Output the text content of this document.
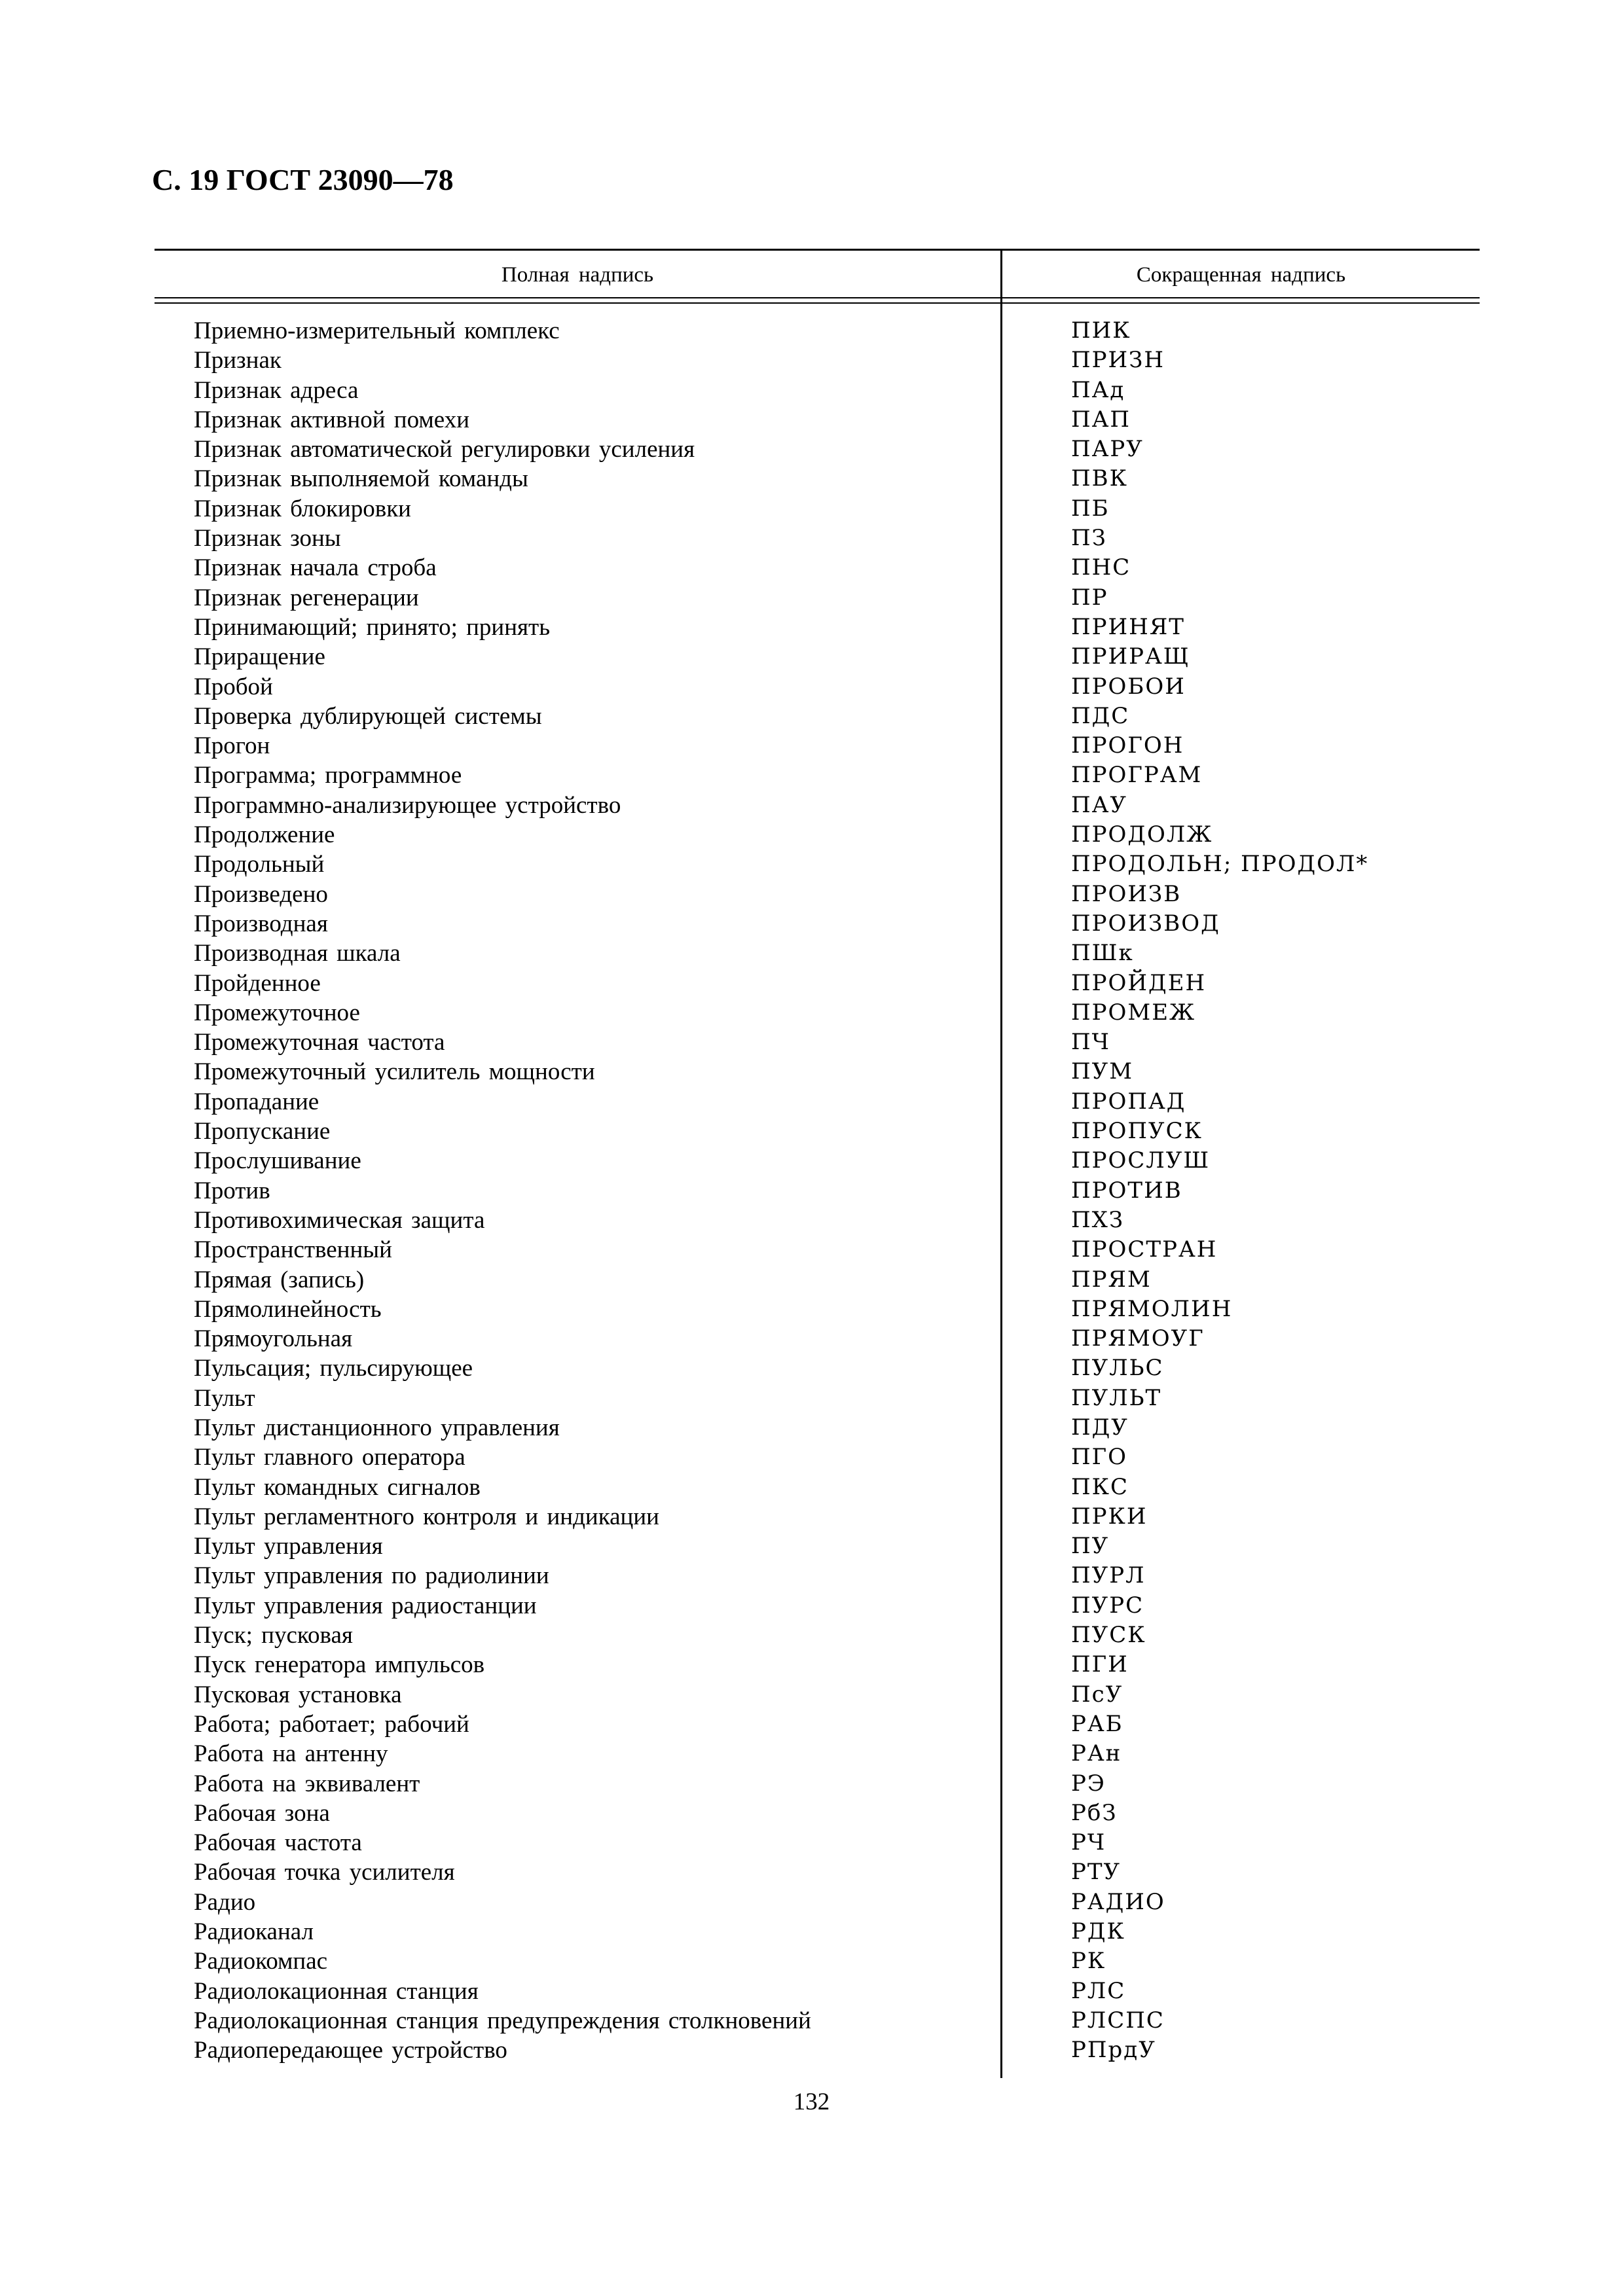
С. 19 ГОСТ 23090—78
Полная надпись	Сокращенная надпись
Приемно-измерительный комплекс	ПИК
Признак	ПРИЗН
Признак адреса	ПАд
Признак активной помехи	ПАП
Признак автоматической регулировки усиления	ПАРУ
Признак выполняемой команды	ПВК
Признак блокировки	ПБ
Признак зоны	ПЗ
Признак начала строба	ПНС
Признак регенерации	ПР
Принимающий; принято; принять	ПРИНЯТ
Приращение	ПРИРАЩ
Пробой	ПРОБОИ
Проверка дублирующей системы	ПДС
Прогон	ПРОГОН
Программа; программное	ПРОГРАМ
Программно-анализирующее устройство	ПАУ
Продолжение	ПРОДОЛЖ
Продольный	ПРОДОЛЬН; ПРОДОЛ*
Произведено	ПРОИЗВ
Производная	ПРОИЗВОД
Производная шкала	ПШк
Пройденное	ПРОЙДЕН
Промежуточное	ПРОМЕЖ
Промежуточная частота	ПЧ
Промежуточный усилитель мощности	ПУМ
Пропадание	ПРОПАД
Пропускание	ПРОПУСК
Прослушивание	ПРОСЛУШ
Против	ПРОТИВ
Противохимическая защита	ПХЗ
Пространственный	ПРОСТРАН
Прямая (запись)	ПРЯМ
Прямолинейность	ПРЯМОЛИН
Прямоугольная	ПРЯМОУГ
Пульсация; пульсирующее	ПУЛЬС
Пульт	ПУЛЬТ
Пульт дистанционного управления	ПДУ
Пульт главного оператора	ПГО
Пульт командных сигналов	ПКС
Пульт регламентного контроля и индикации	ПРКИ
Пульт управления	ПУ
Пульт управления по радиолинии	ПУРЛ
Пульт управления радиостанции	ПУРС
Пуск; пусковая	ПУСК
Пуск генератора импульсов	ПГИ
Пусковая установка	ПсУ
Работа; работает; рабочий	РАБ
Работа на антенну	РАн
Работа на эквивалент	РЭ
Рабочая зона	РбЗ
Рабочая частота	РЧ
Рабочая точка усилителя	РТУ
Радио	РАДИО
Радиоканал	РДК
Радиокомпас	РК
Радиолокационная станция	РЛС
Радиолокационная станция предупреждения столкновений	РЛСПС
Радиопередающее устройство	РПрдУ
132
